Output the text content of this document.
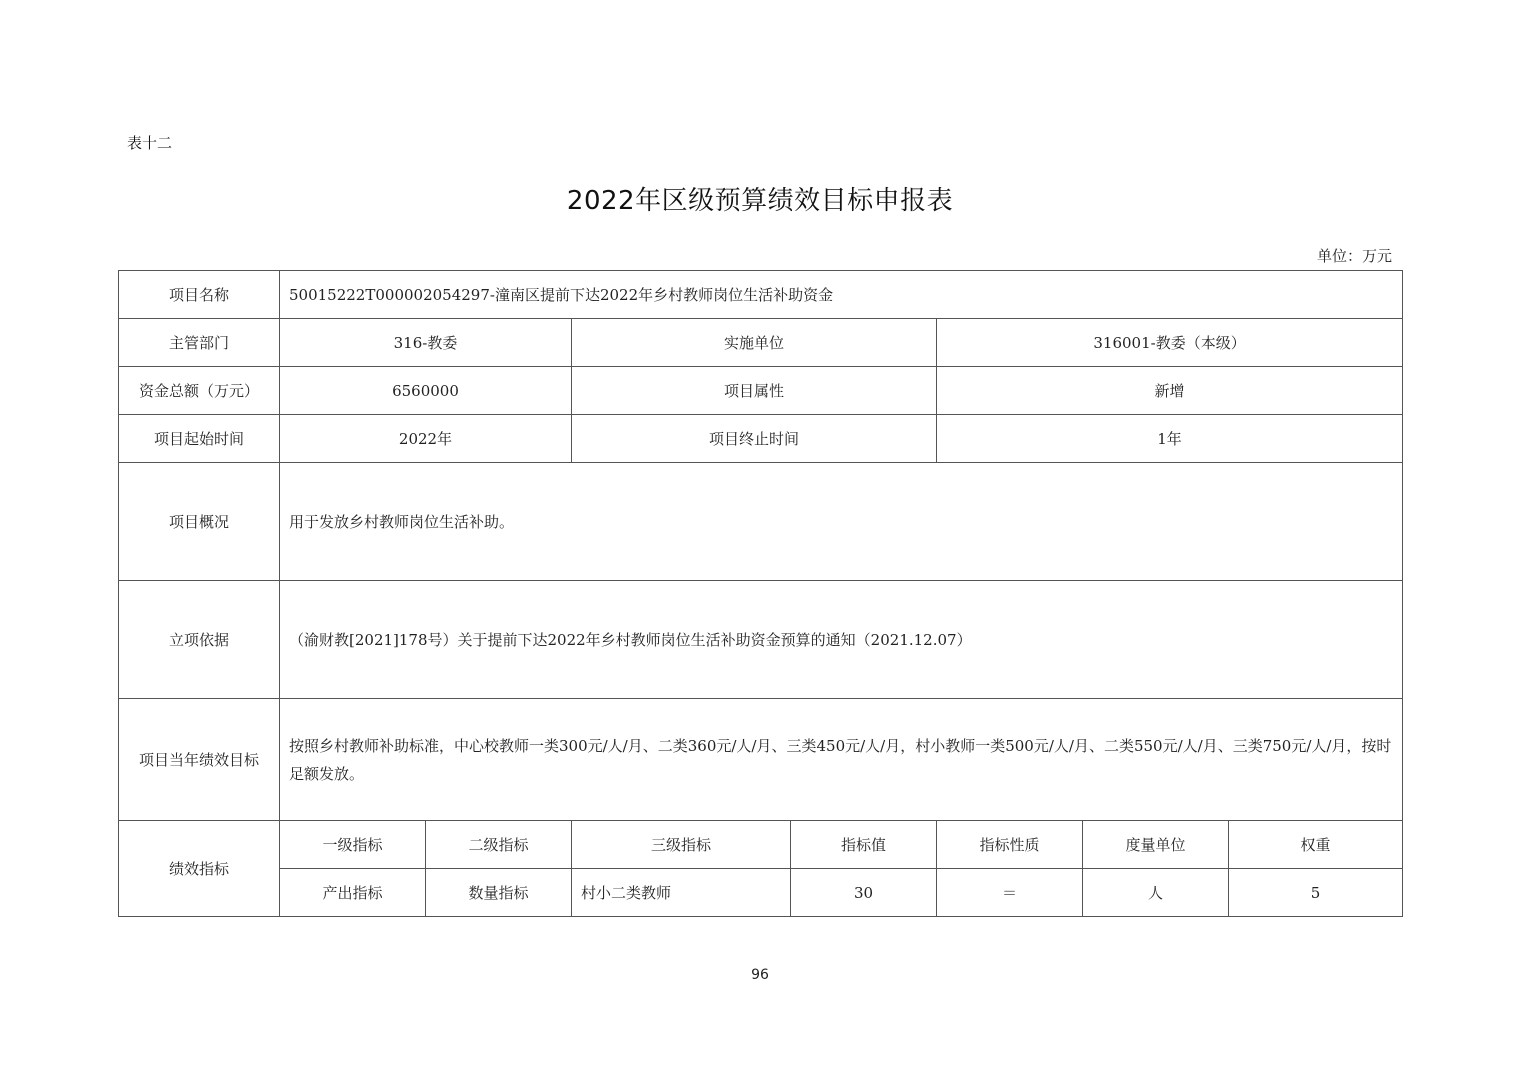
表十二
2022年区级预算绩效目标申报表
单位：万元
项目名称	50015222T000002054297-潼南区提前下达2022年乡村教师岗位生活补助资金						
主管部门	316-教委		实施单位		316001-教委（本级）		
资金总额（万元）	6560000		项目属性		新增		
项目起始时间	2022年		项目终止时间		1年		
项目概况	用于发放乡村教师岗位生活补助。						
立项依据	（渝财教[2021]178号）关于提前下达2022年乡村教师岗位生活补助资金预算的通知（2021.12.07）						
项目当年绩效目标	按照乡村教师补助标准，中心校教师一类300元/人/月、二类360元/人/月、三类450元/人/月，村小教师一类500元/人/月、二类550元/人/月、三类750元/人/月，按时足额发放。						
绩效指标	一级指标	二级指标	三级指标	指标值	指标性质	度量单位	权重
	产出指标	数量指标	村小二类教师	30	＝	人	5
96
